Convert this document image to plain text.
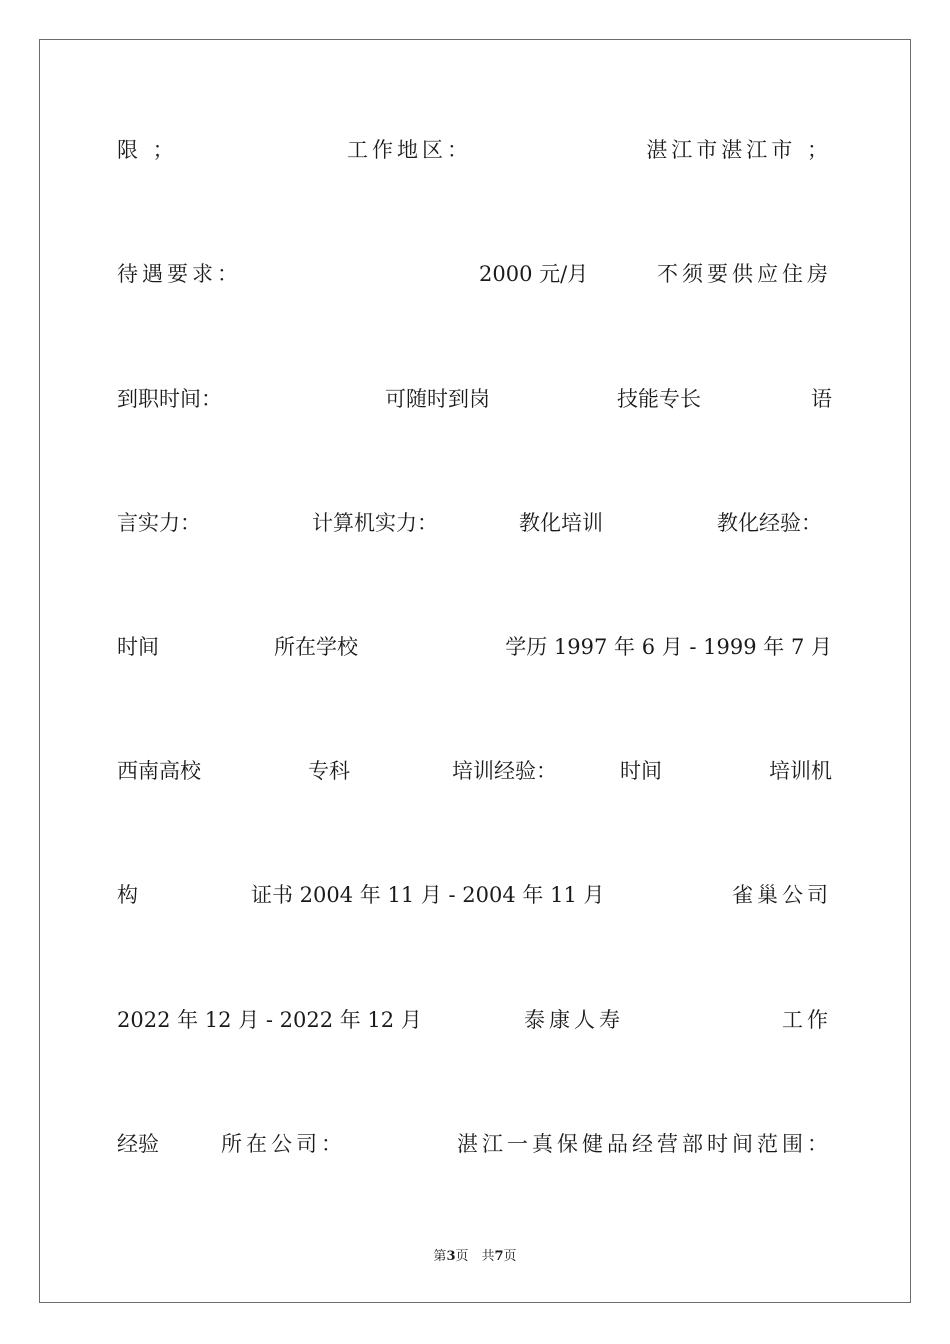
限 ；	工作地区：	湛江市湛江市 ；
待遇要求：	2000 元/月	不须要供应住房
到职时间：	可随时到岗	技能专长	语
言实力：	计算机实力：	教化培训	教化经验：
时间	所在学校	学历 1997 年 6 月 - 1999 年 7 月
西南高校	专科	培训经验：	时间	培训机
构	证书 2004 年 11 月 - 2004 年 11 月	雀巢公司
2022 年 12 月 - 2022 年 12 月	泰康人寿	工作
经验	所在公司：	湛江一真保健品经营部时间范围：
第3页　共7页
